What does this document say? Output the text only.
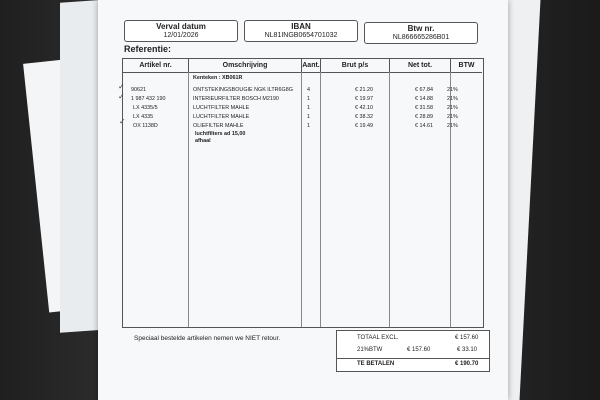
Verval datum
12/01/2026
IBAN
NL81INGB0654701032
Btw nr.
NL866665286B01
Referentie:
Artikel nr.	Omschrijving	Aant.	Brut p/s	Net tot.	BTW
Kenteken : XB061R
90621	ONTSTEKINGSBOUGIE NGK ILTR6G8G	4	€ 21.20	€ 67.84	21%
1 987 432 190	INTERIEURFILTER BOSCH M2190	1	€ 19.97	€ 14.88	21%
LX 4335/5	LUCHTFILTER MAHLE	1	€ 42.10	€ 31.58	21%
LX 4335	LUCHTFILTER MAHLE	1	€ 38.32	€ 28.89	21%
OX 1138D	OLIEFILTER MAHLE	1	€ 19.49	€ 14.61	21%
luchtfilters ad 15,00
afhaal
✓
✓
✓
Speciaal bestelde artikelen nemen we NIET retour.	TOTAAL EXCL.	€ 157.60
21%BTW	€ 157.60	€ 33.10
TE BETALEN	€ 190.70
